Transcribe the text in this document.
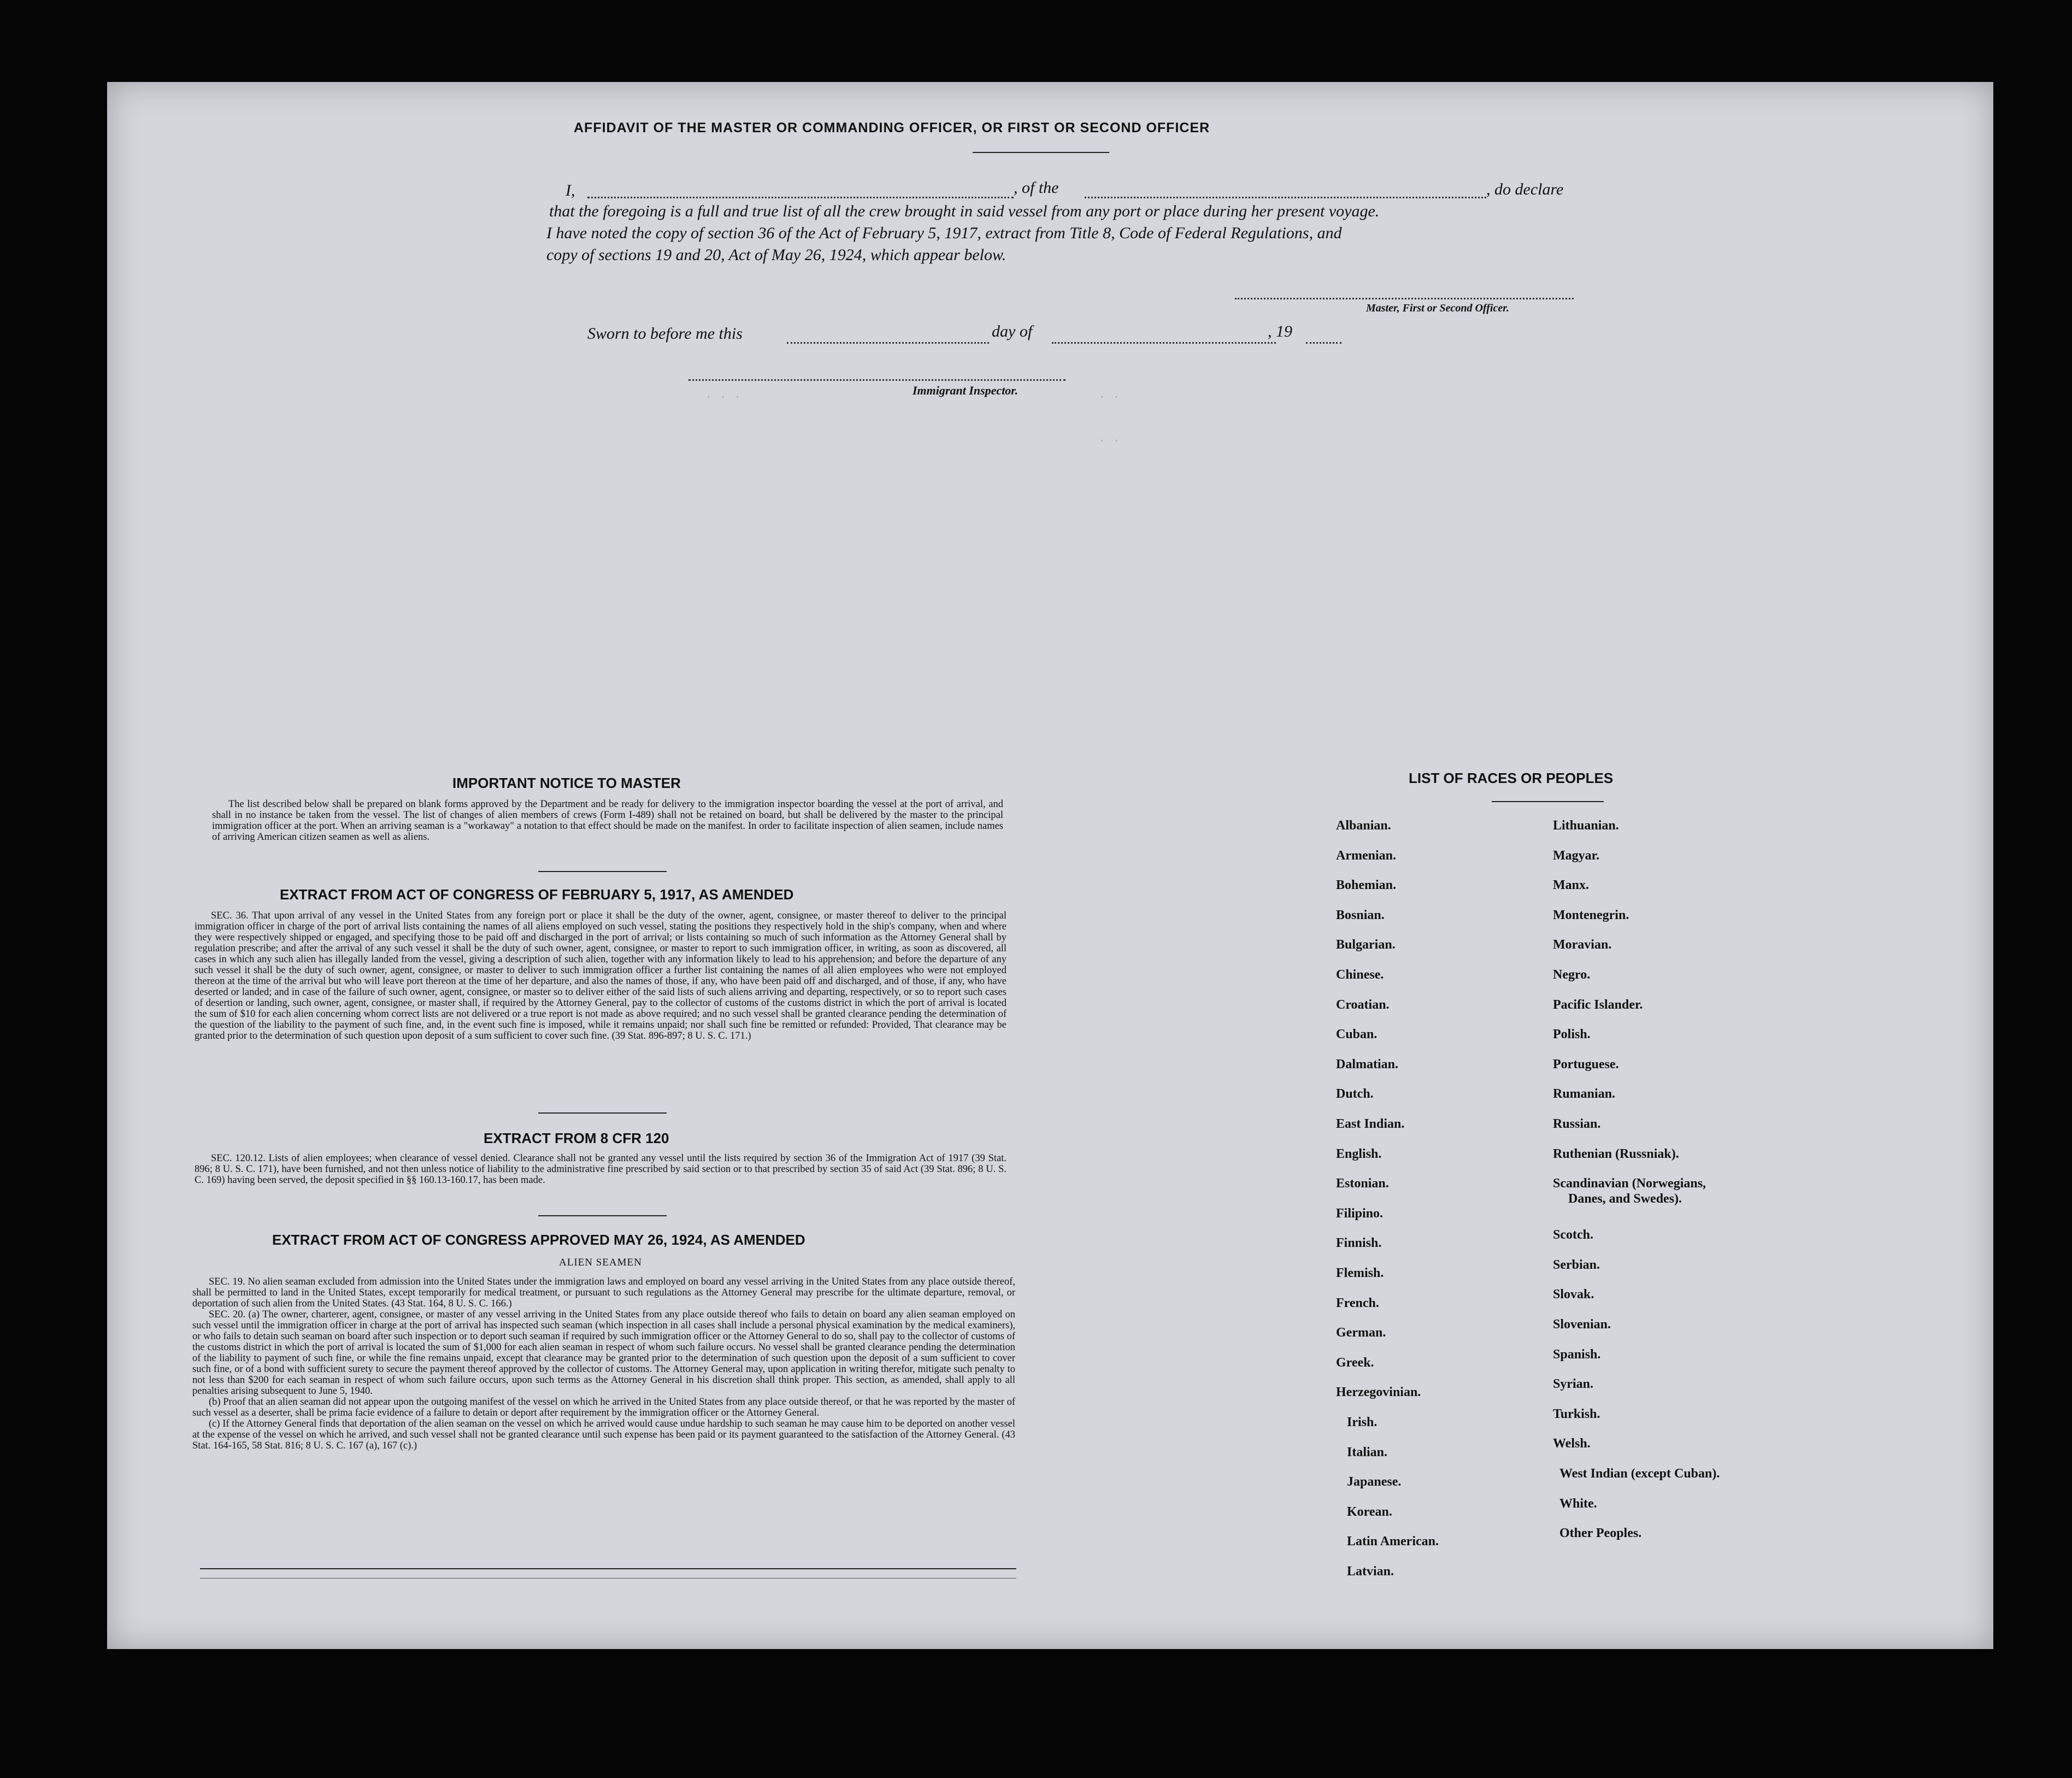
AFFIDAVIT OF THE MASTER OR COMMANDING OFFICER, OR FIRST OR SECOND OFFICER
I,	, of the	, do declare
that the foregoing is a full and true list of all the crew brought in said vessel from any port or place during her present voyage.
I have noted the copy of section 36 of the Act of February 5, 1917, extract from Title 8, Code of Federal Regulations, and
copy of sections 19 and 20, Act of May 26, 1924, which appear below.
Master, First or Second Officer.
Sworn to before me this	day of	, 19
Immigrant Inspector.
. . .	. .
. .
IMPORTANT NOTICE TO MASTER

The list described below shall be prepared on blank forms approved by the Department and be ready for delivery to the immigration inspector boarding the vessel at the port of arrival, and shall in no instance be taken from the vessel. The list of changes of alien members of crews (Form I-489) shall not be retained on board, but shall be delivered by the master to the principal immigration officer at the port. When an arriving seaman is a "workaway" a notation to that effect should be made on the manifest. In order to facilitate inspection of alien seamen, include names of arriving American citizen seamen as well as aliens.

EXTRACT FROM ACT OF CONGRESS OF FEBRUARY 5, 1917, AS AMENDED

SEC. 36. That upon arrival of any vessel in the United States from any foreign port or place it shall be the duty of the owner, agent, consignee, or master thereof to deliver to the principal immigration officer in charge of the port of arrival lists containing the names of all aliens employed on such vessel, stating the positions they respectively hold in the ship's company, when and where they were respectively shipped or engaged, and specifying those to be paid off and discharged in the port of arrival; or lists containing so much of such information as the Attorney General shall by regulation prescribe; and after the arrival of any such vessel it shall be the duty of such owner, agent, consignee, or master to report to such immigration officer, in writing, as soon as discovered, all cases in which any such alien has illegally landed from the vessel, giving a description of such alien, together with any information likely to lead to his apprehension; and before the departure of any such vessel it shall be the duty of such owner, agent, consignee, or master to deliver to such immigration officer a further list containing the names of all alien employees who were not employed thereon at the time of the arrival but who will leave port thereon at the time of her departure, and also the names of those, if any, who have been paid off and discharged, and of those, if any, who have deserted or landed; and in case of the failure of such owner, agent, consignee, or master so to deliver either of the said lists of such aliens arriving and departing, respectively, or so to report such cases of desertion or landing, such owner, agent, consignee, or master shall, if required by the Attorney General, pay to the collector of customs of the customs district in which the port of arrival is located the sum of $10 for each alien concerning whom correct lists are not delivered or a true report is not made as above required; and no such vessel shall be granted clearance pending the determination of the question of the liability to the payment of such fine, and, in the event such fine is imposed, while it remains unpaid; nor shall such fine be remitted or refunded: Provided, That clearance may be granted prior to the determination of such question upon deposit of a sum sufficient to cover such fine. (39 Stat. 896-897; 8 U. S. C. 171.)

EXTRACT FROM 8 CFR 120

SEC. 120.12. Lists of alien employees; when clearance of vessel denied. Clearance shall not be granted any vessel until the lists required by section 36 of the Immigration Act of 1917 (39 Stat. 896; 8 U. S. C. 171), have been furnished, and not then unless notice of liability to the administrative fine prescribed by said section or to that prescribed by section 35 of said Act (39 Stat. 896; 8 U. S. C. 169) having been served, the deposit specified in §§ 160.13-160.17, has been made.

EXTRACT FROM ACT OF CONGRESS APPROVED MAY 26, 1924, AS AMENDED
ALIEN SEAMEN

SEC. 19. No alien seaman excluded from admission into the United States under the immigration laws and employed on board any vessel arriving in the United States from any place outside thereof, shall be permitted to land in the United States, except temporarily for medical treatment, or pursuant to such regulations as the Attorney General may prescribe for the ultimate departure, removal, or deportation of such alien from the United States. (43 Stat. 164, 8 U. S. C. 166.)

SEC. 20. (a) The owner, charterer, agent, consignee, or master of any vessel arriving in the United States from any place outside thereof who fails to detain on board any alien seaman employed on such vessel until the immigration officer in charge at the port of arrival has inspected such seaman (which inspection in all cases shall include a personal physical examination by the medical examiners), or who fails to detain such seaman on board after such inspection or to deport such seaman if required by such immigration officer or the Attorney General to do so, shall pay to the collector of customs of the customs district in which the port of arrival is located the sum of $1,000 for each alien seaman in respect of whom such failure occurs. No vessel shall be granted clearance pending the determination of the liability to payment of such fine, or while the fine remains unpaid, except that clearance may be granted prior to the determination of such question upon the deposit of a sum sufficient to cover such fine, or of a bond with sufficient surety to secure the payment thereof approved by the collector of customs. The Attorney General may, upon application in writing therefor, mitigate such penalty to not less than $200 for each seaman in respect of whom such failure occurs, upon such terms as the Attorney General in his discretion shall think proper. This section, as amended, shall apply to all penalties arising subsequent to June 5, 1940.

(b) Proof that an alien seaman did not appear upon the outgoing manifest of the vessel on which he arrived in the United States from any place outside thereof, or that he was reported by the master of such vessel as a deserter, shall be prima facie evidence of a failure to detain or deport after requirement by the immigration officer or the Attorney General.

(c) If the Attorney General finds that deportation of the alien seaman on the vessel on which he arrived would cause undue hardship to such seaman he may cause him to be deported on another vessel at the expense of the vessel on which he arrived, and such vessel shall not be granted clearance until such expense has been paid or its payment guaranteed to the satisfaction of the Attorney General. (43 Stat. 164-165, 58 Stat. 816; 8 U. S. C. 167 (a), 167 (c).)

LIST OF RACES OR PEOPLES
Albanian.
Armenian.
Bohemian.
Bosnian.
Bulgarian.
Chinese.
Croatian.
Cuban.
Dalmatian.
Dutch.
East Indian.
English.
Estonian.
Filipino.
Finnish.
Flemish.
French.
German.
Greek.
Herzegovinian.
Irish.
Italian.
Japanese.
Korean.
Latin American.
Latvian.
Lithuanian.
Magyar.
Manx.
Montenegrin.
Moravian.
Negro.
Pacific Islander.
Polish.
Portuguese.
Rumanian.
Russian.
Ruthenian (Russniak).
Scandinavian (Norwegians,
Danes, and Swedes).
Scotch.
Serbian.
Slovak.
Slovenian.
Spanish.
Syrian.
Turkish.
Welsh.
West Indian (except Cuban).
White.
Other Peoples.
